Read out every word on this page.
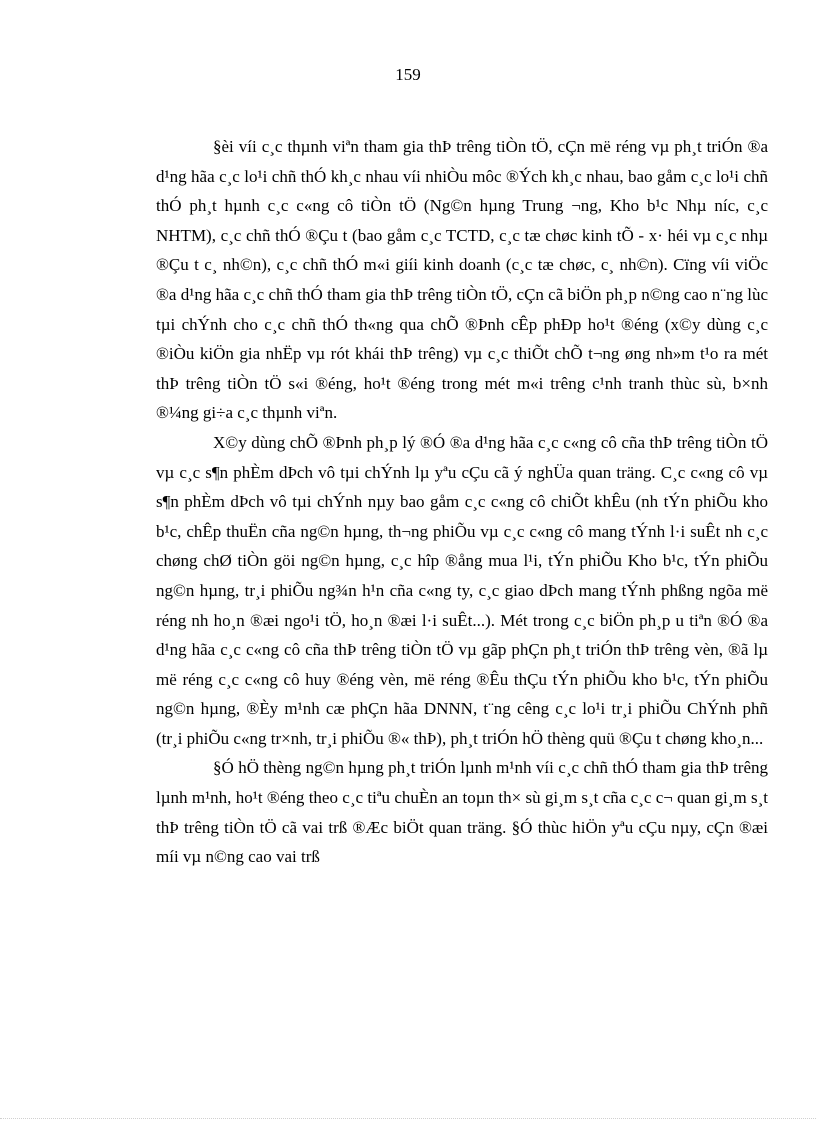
159

§èi víi c¸c thµnh viªn tham gia thÞ trêng tiÒn tÖ, cÇn më réng vµ ph¸t triÓn ®a d¹ng hãa c¸c lo¹i chñ thÓ kh¸c nhau víi nhiÒu môc ®Ých kh¸c nhau, bao gåm c¸c lo¹i chñ thÓ ph¸t hµnh c¸c c«ng cô tiÒn tÖ (Ng©n hµng Trung ¬ng, Kho b¹c Nhµ níc, c¸c NHTM), c¸c chñ thÓ ®Çu t (bao gåm c¸c TCTD, c¸c tæ chøc kinh tÕ - x· héi vµ c¸c nhµ ®Çu t c¸ nh©n), c¸c chñ thÓ m«i giíi kinh doanh (c¸c tæ chøc, c¸ nh©n). Cïng víi viÖc ®a d¹ng hãa c¸c chñ thÓ tham gia thÞ trêng tiÒn tÖ, cÇn cã biÖn ph¸p n©ng cao n¨ng lùc tµi chÝnh cho c¸c chñ thÓ th«ng qua chÕ ®Þnh cÊp phÐp ho¹t ®éng (x©y dùng c¸c ®iÒu kiÖn gia nhËp vµ rót khái thÞ trêng) vµ c¸c thiÕt chÕ t¬ng øng nh»m t¹o ra mét thÞ trêng tiÒn tÖ s«i ®éng, ho¹t ®éng trong mét m«i trêng c¹nh tranh thùc sù, b×nh ®¼ng gi÷a c¸c thµnh viªn.

X©y dùng chÕ ®Þnh ph¸p lý ®Ó ®a d¹ng hãa c¸c c«ng cô cña thÞ trêng tiÒn tÖ vµ c¸c s¶n phÈm dÞch vô tµi chÝnh lµ yªu cÇu cã ý nghÜa quan träng. C¸c c«ng cô vµ s¶n phÈm dÞch vô tµi chÝnh nµy bao gåm c¸c c«ng cô chiÕt khÊu (nh tÝn phiÕu kho b¹c, chÊp thuËn cña ng©n hµng, th¬ng phiÕu vµ c¸c c«ng cô mang tÝnh l·i suÊt nh c¸c chøng chØ tiÒn göi ng©n hµng, c¸c hîp ®ång mua l¹i, tÝn phiÕu Kho b¹c, tÝn phiÕu ng©n hµng, tr¸i phiÕu ng¾n h¹n cña c«ng ty, c¸c giao dÞch mang tÝnh phßng ngõa më réng nh ho¸n ®æi ngo¹i tÖ, ho¸n ®æi l·i suÊt...). Mét trong c¸c biÖn ph¸p u tiªn ®Ó ®a d¹ng hãa c¸c c«ng cô cña thÞ trêng tiÒn tÖ vµ gãp phÇn ph¸t triÓn thÞ trêng vèn, ®ã lµ më réng c¸c c«ng cô huy ®éng vèn, më réng ®Êu thÇu tÝn phiÕu kho b¹c, tÝn phiÕu ng©n hµng, ®Èy m¹nh cæ phÇn hãa DNNN, t¨ng cêng c¸c lo¹i tr¸i phiÕu ChÝnh phñ (tr¸i phiÕu c«ng tr×nh, tr¸i phiÕu ®« thÞ), ph¸t triÓn hÖ thèng quü ®Çu t chøng kho¸n...

§Ó hÖ thèng ng©n hµng ph¸t triÓn lµnh m¹nh víi c¸c chñ thÓ tham gia thÞ trêng lµnh m¹nh, ho¹t ®éng theo c¸c tiªu chuÈn an toµn th× sù gi¸m s¸t cña c¸c c¬ quan gi¸m s¸t thÞ trêng tiÒn tÖ cã vai trß ®Æc biÖt quan träng. §Ó thùc hiÖn yªu cÇu nµy, cÇn ®æi míi vµ n©ng cao vai trß
